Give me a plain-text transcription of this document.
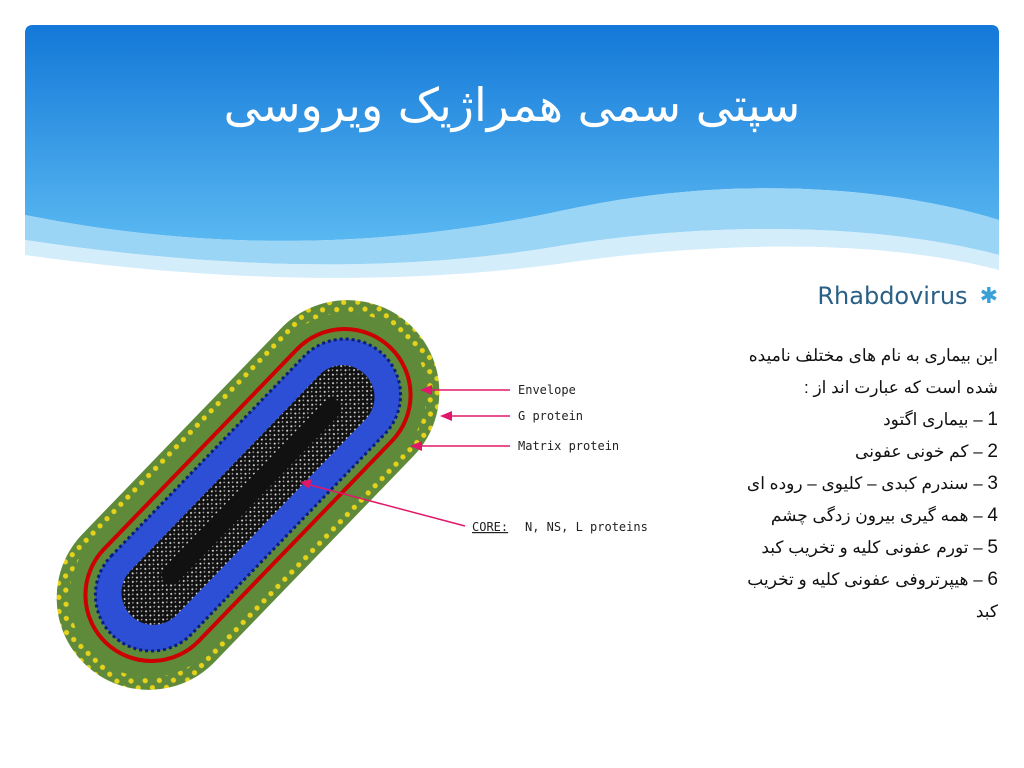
سپتی سمی همراژیک ویروسی
Rhabdovirus ✱
این بیماری به نام های مختلف نامیده
شده است که عبارت اند از :
1 – بیماری اگتود
2 – کم خونی عفونی
3 – سندرم کبدی – کلیوی – روده ای
4 – همه گیری بیرون زدگی چشم
5 – تورم عفونی کلیه و تخریب کبد
6 – هیپرتروفی عفونی کلیه و تخریب
کبد
Envelope
G protein
Matrix protein
CORE: N, NS, L proteins
